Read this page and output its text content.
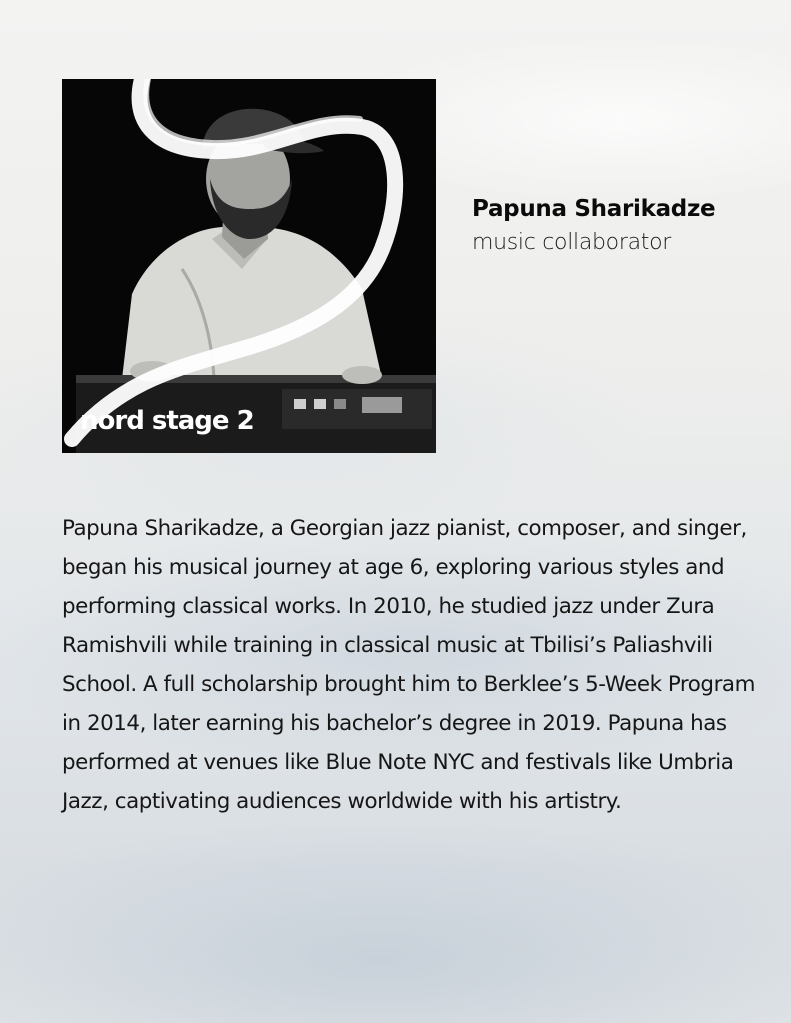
nord stage 2
Papuna Sharikadze
music collaborator

Papuna Sharikadze, a Georgian jazz pianist, composer, and singer, began his musical journey at age 6, exploring various styles and performing classical works. In 2010, he studied jazz under Zura Ramishvili while training in classical music at Tbilisi’s Paliashvili School. A full scholarship brought him to Berklee’s 5-Week Program in 2014, later earning his bachelor’s degree in 2019. Papuna has performed at venues like Blue Note NYC and festivals like Umbria Jazz, captivating audiences worldwide with his artistry.
